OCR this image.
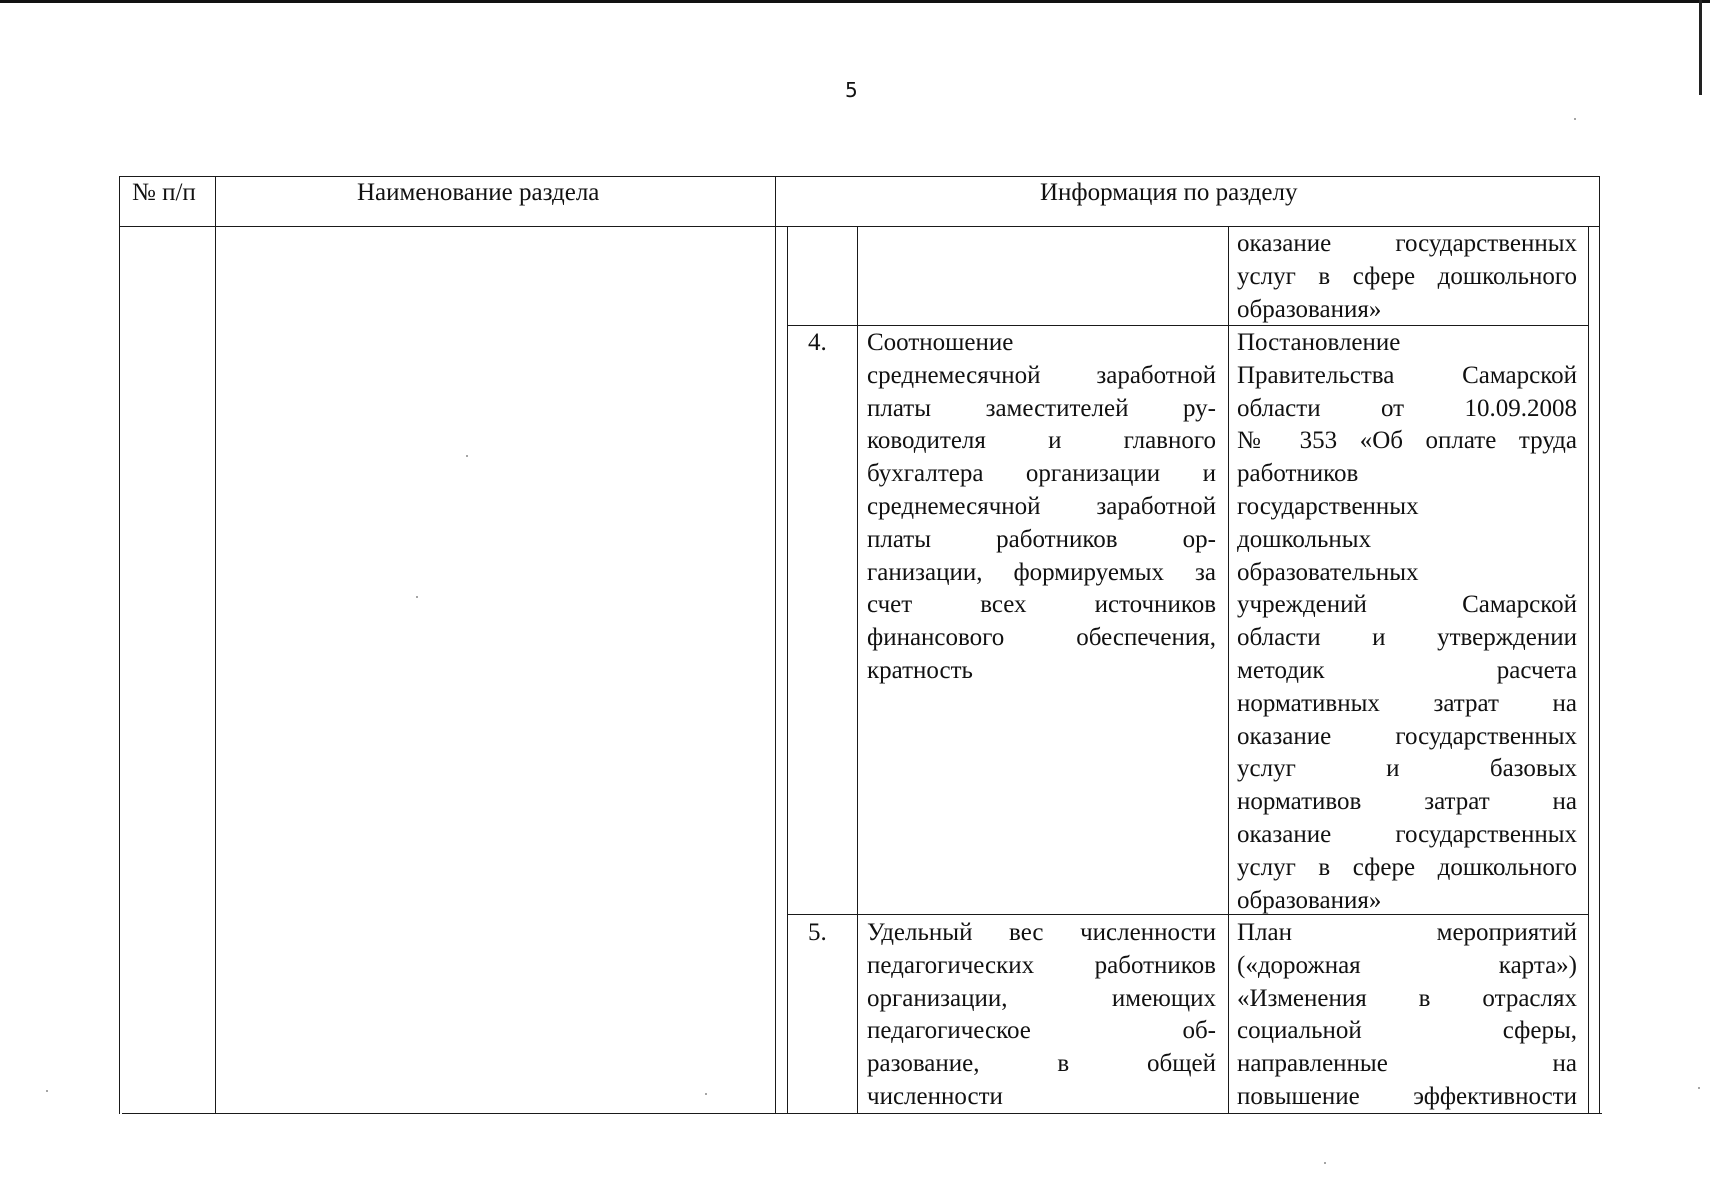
5
№ п/п	Наименование раздела	Информация по разделу
оказание государственных
услуг в сфере дошкольного
образования»
4. Соотношение
среднемесячной заработной
платы заместителей ру-
ководителя и главного
бухгалтера организации и
среднемесячной заработной
платы работников ор-
ганизации, формируемых за
счет всех источников
финансового обеспечения,
кратность
Постановление
Правительства Самарской
области от 10.09.2008
№ 353 «Об оплате труда
работников
государственных
дошкольных
образовательных
учреждений Самарской
области и утверждении
методик расчета
нормативных затрат на
оказание государственных
услуг и базовых
нормативов затрат на
оказание государственных
услуг в сфере дошкольного
образования»
5. Удельный вес численности
педагогических работников
организации, имеющих
педагогическое об-
разование, в общей
численности
План мероприятий
(«дорожная карта»)
«Изменения в отраслях
социальной сферы,
направленные на
повышение эффективности
